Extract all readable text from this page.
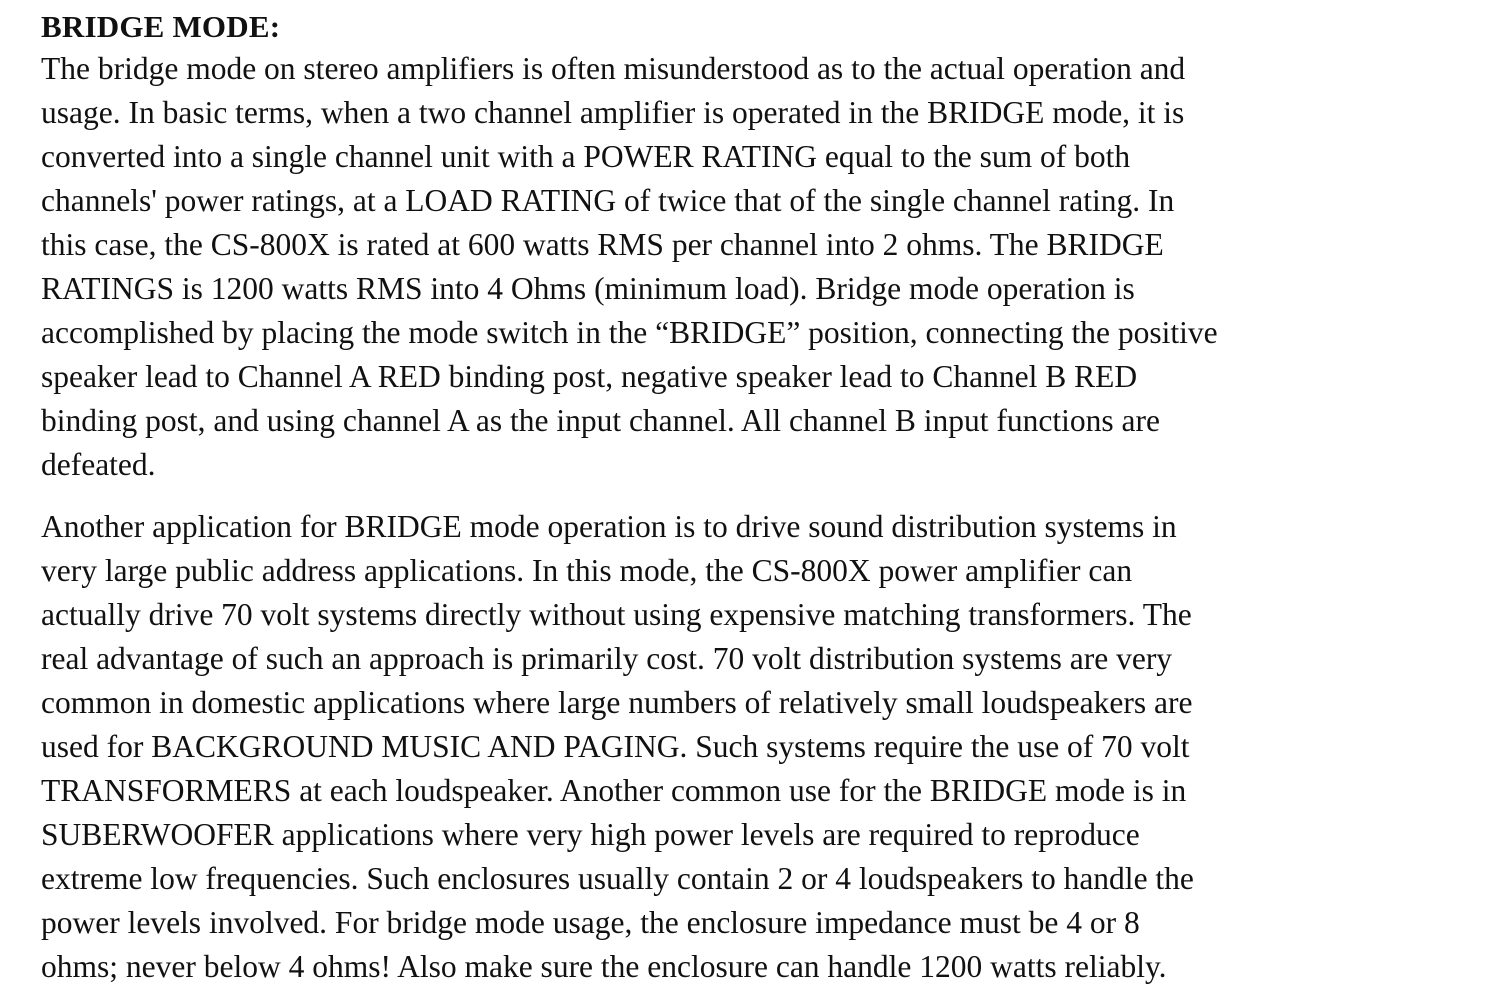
BRIDGE MODE:

The bridge mode on stereo amplifiers is often misunderstood as to the actual operation and
usage. In basic terms, when a two channel amplifier is operated in the BRIDGE mode, it is
converted into a single channel unit with a POWER RATING equal to the sum of both
channels' power ratings, at a LOAD RATING of twice that of the single channel rating. In
this case, the CS-800X is rated at 600 watts RMS per channel into 2 ohms. The BRIDGE
RATINGS is 1200 watts RMS into 4 Ohms (minimum load). Bridge mode operation is
accomplished by placing the mode switch in the “BRIDGE” position, connecting the positive
speaker lead to Channel A RED binding post, negative speaker lead to Channel B RED
binding post, and using channel A as the input channel. All channel B input functions are
defeated.

Another application for BRIDGE mode operation is to drive sound distribution systems in
very large public address applications. In this mode, the CS-800X power amplifier can
actually drive 70 volt systems directly without using expensive matching transformers. The
real advantage of such an approach is primarily cost. 70 volt distribution systems are very
common in domestic applications where large numbers of relatively small loudspeakers are
used for BACKGROUND MUSIC AND PAGING. Such systems require the use of 70 volt
TRANSFORMERS at each loudspeaker. Another common use for the BRIDGE mode is in
SUBERWOOFER applications where very high power levels are required to reproduce
extreme low frequencies. Such enclosures usually contain 2 or 4 loudspeakers to handle the
power levels involved. For bridge mode usage, the enclosure impedance must be 4 or 8
ohms; never below 4 ohms! Also make sure the enclosure can handle 1200 watts reliably.
